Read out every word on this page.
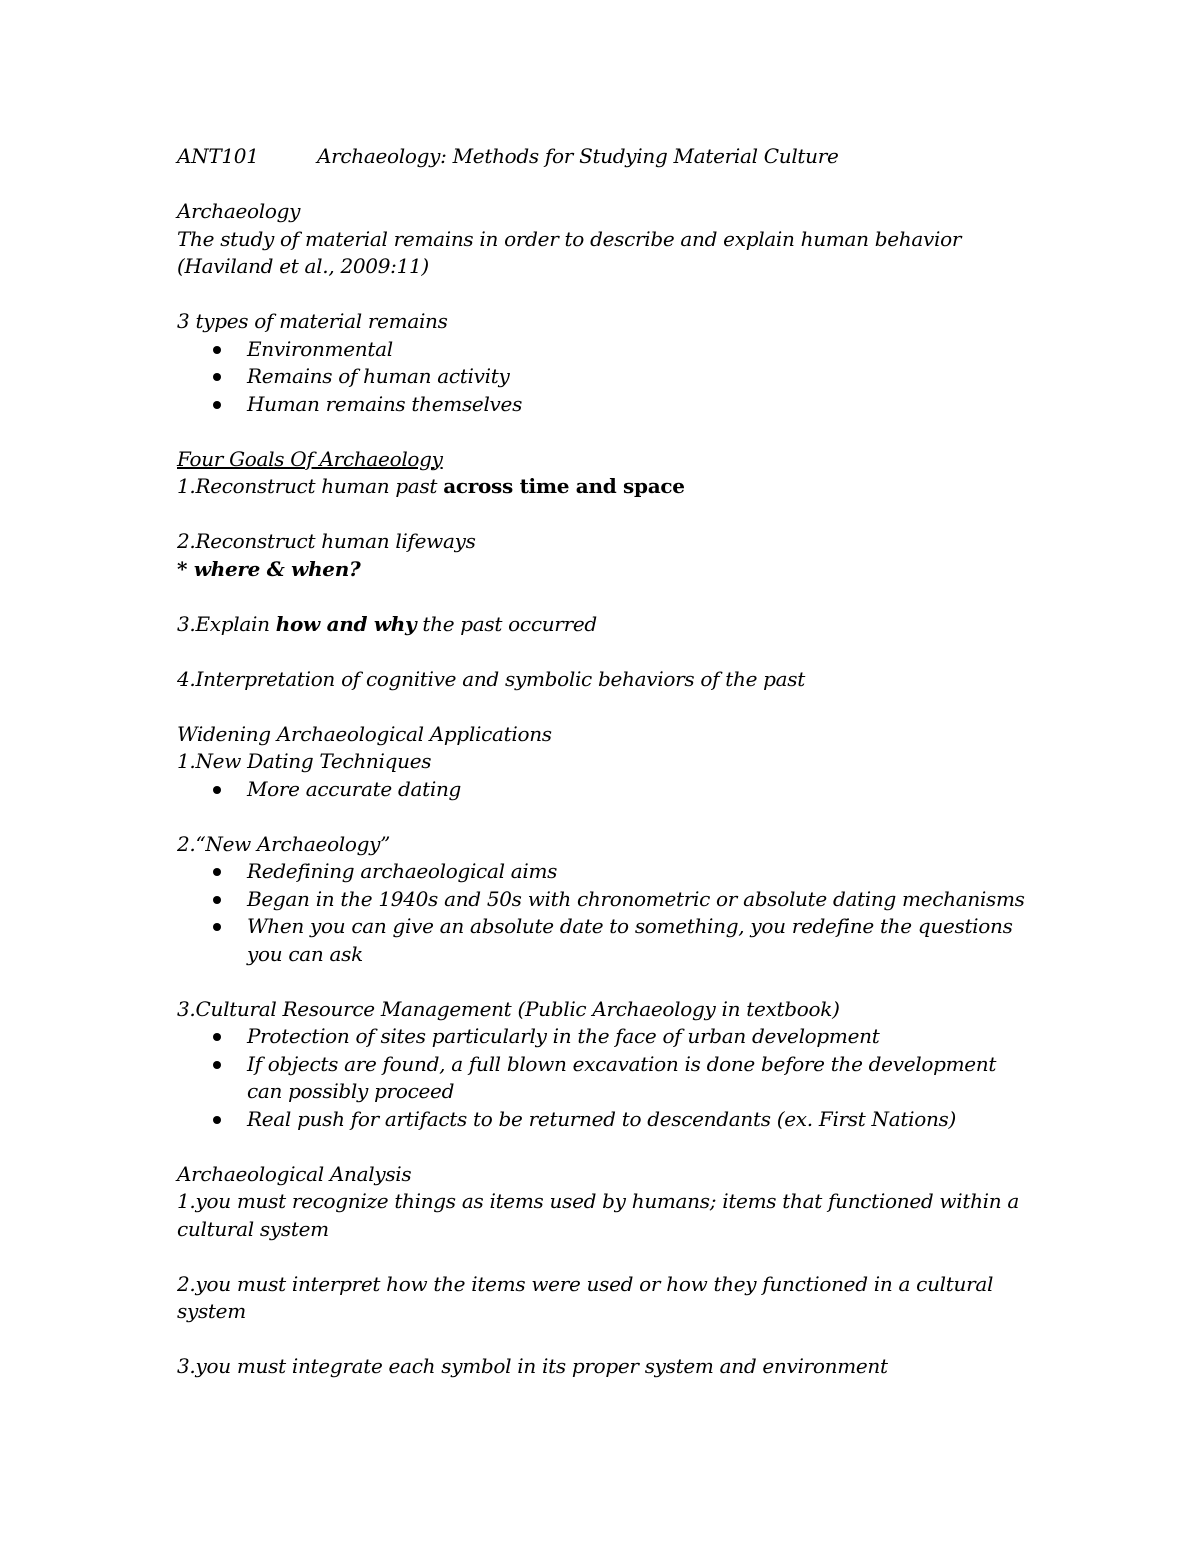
ANT101	Archaeology: Methods for Studying Material Culture
Archaeology
The study of material remains in order to describe and explain human behavior
(Haviland et al., 2009:11)
3 types of material remains
Environmental
Remains of human activity
Human remains themselves
Four Goals Of Archaeology
1.Reconstruct human past across time and space
2.Reconstruct human lifeways
* where & when?
3.Explain how and why the past occurred
4.Interpretation of cognitive and symbolic behaviors of the past
Widening Archaeological Applications
1.New Dating Techniques
More accurate dating
2.“New Archaeology”
Redefining archaeological aims
Began in the 1940s and 50s with chronometric or absolute dating mechanisms
When you can give an absolute date to something, you redefine the questions you can ask
3.Cultural Resource Management (Public Archaeology in textbook)
Protection of sites particularly in the face of urban development
If objects are found, a full blown excavation is done before the development can possibly proceed
Real push for artifacts to be returned to descendants (ex. First Nations)
Archaeological Analysis
1.you must recognize things as items used by humans; items that functioned within a cultural system
2.you must interpret how the items were used or how they functioned in a cultural system
3.you must integrate each symbol in its proper system and environment
